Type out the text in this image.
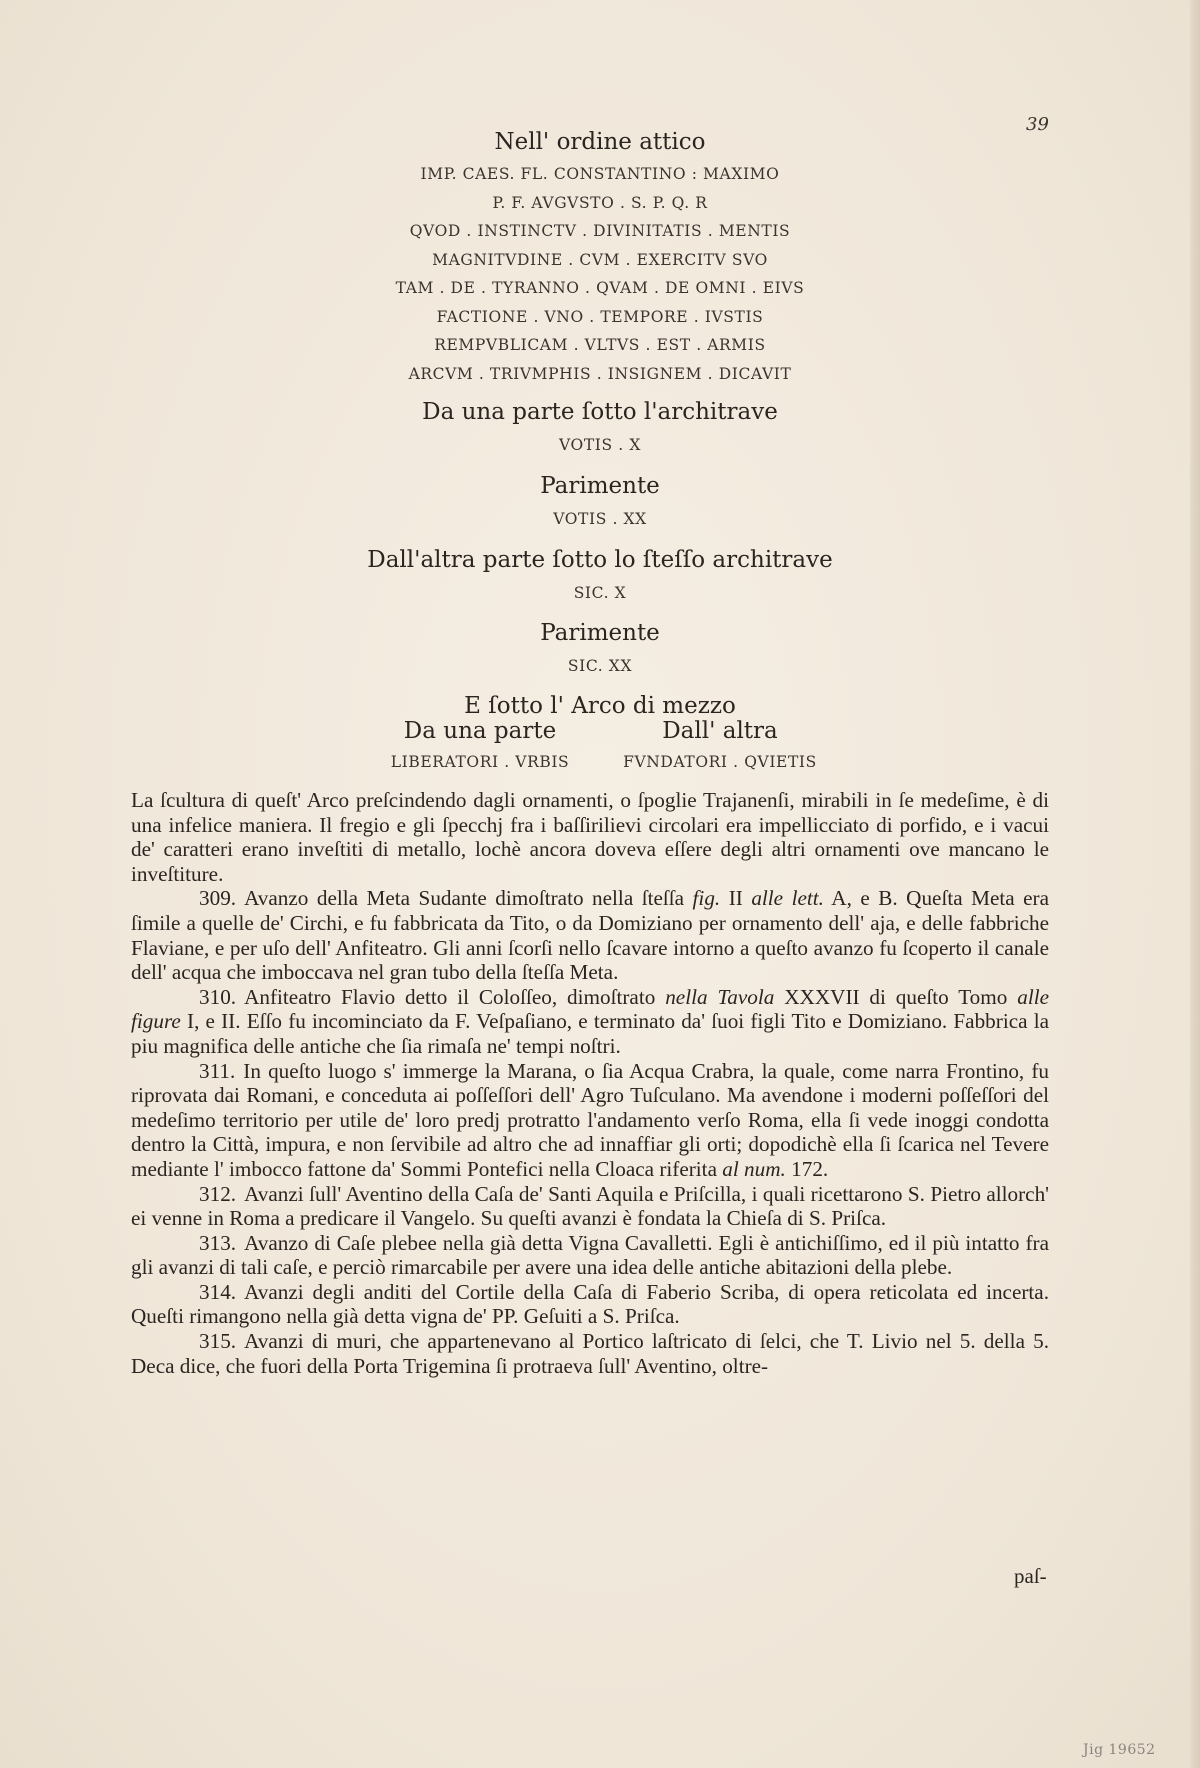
39
Nell' ordine attico
IMP. CAES. FL. CONSTANTINO : MAXIMO
P. F. AVGVSTO . S. P. Q. R
QVOD . INSTINCTV . DIVINITATIS . MENTIS
MAGNITVDINE . CVM . EXERCITV SVO
TAM . DE . TYRANNO . QVAM . DE OMNI . EIVS
FACTIONE . VNO . TEMPORE . IVSTIS
REMPVBLICAM . VLTVS . EST . ARMIS
ARCVM . TRIVMPHIS . INSIGNEM . DICAVIT
Da una parte ſotto l'architrave
VOTIS . X
Parimente
VOTIS . XX
Dall'altra parte ſotto lo ſteſſo architrave
SIC. X
Parimente
SIC. XX
E ſotto l' Arco di mezzo
Da una parte	Dall' altra
LIBERATORI . VRBIS	FVNDATORI . QVIETIS

La ſcultura di queſt' Arco preſcindendo dagli ornamenti, o ſpoglie Trajanenſi, mirabili in ſe medeſime, è di una infelice maniera. Il fregio e gli ſpecchj fra i baſſirilievi circolari era impellicciato di porfido, e i vacui de' caratteri erano inveſtiti di metallo, lochè ancora doveva eſſere degli altri ornamenti ove mancano le inveſtiture.

309. Avanzo della Meta Sudante dimoſtrato nella ſteſſa fig. II alle lett. A, e B. Queſta Meta era ſimile a quelle de' Circhi, e fu fabbricata da Tito, o da Domiziano per ornamento dell' aja, e delle fabbriche Flaviane, e per uſo dell' Anfiteatro. Gli anni ſcorſi nello ſcavare intorno a queſto avanzo fu ſcoperto il canale dell' acqua che imboccava nel gran tubo della ſteſſa Meta.

310. Anfiteatro Flavio detto il Coloſſeo, dimoſtrato nella Tavola XXXVII di queſto Tomo alle figure I, e II. Eſſo fu incominciato da F. Veſpaſiano, e terminato da' ſuoi figli Tito e Domiziano. Fabbrica la piu magnifica delle antiche che ſia rimaſa ne' tempi noſtri.

311. In queſto luogo s' immerge la Marana, o ſia Acqua Crabra, la quale, come narra Frontino, fu riprovata dai Romani, e conceduta ai poſſeſſori dell' Agro Tuſculano. Ma avendone i moderni poſſeſſori del medeſimo territorio per utile de' loro predj protratto l'andamento verſo Roma, ella ſi vede inoggi condotta dentro la Città, impura, e non ſervibile ad altro che ad innaffiar gli orti; dopodichè ella ſi ſcarica nel Tevere mediante l' imbocco fattone da' Sommi Pontefici nella Cloaca riferita al num. 172.

312. Avanzi ſull' Aventino della Caſa de' Santi Aquila e Priſcilla, i quali ricettarono S. Pietro allorch' ei venne in Roma a predicare il Vangelo. Su queſti avanzi è fondata la Chieſa di S. Priſca.

313. Avanzo di Caſe plebee nella già detta Vigna Cavalletti. Egli è antichiſſimo, ed il più intatto fra gli avanzi di tali caſe, e perciò rimarcabile per avere una idea delle antiche abitazioni della plebe.

314. Avanzi degli anditi del Cortile della Caſa di Faberio Scriba, di opera reticolata ed incerta. Queſti rimangono nella già detta vigna de' PP. Geſuiti a S. Priſca.

315. Avanzi di muri, che appartenevano al Portico laſtricato di ſelci, che T. Livio nel 5. della 5. Deca dice, che fuori della Porta Trigemina ſi protraeva ſull' Aventino, oltre-

paſ-
Jig 19652
